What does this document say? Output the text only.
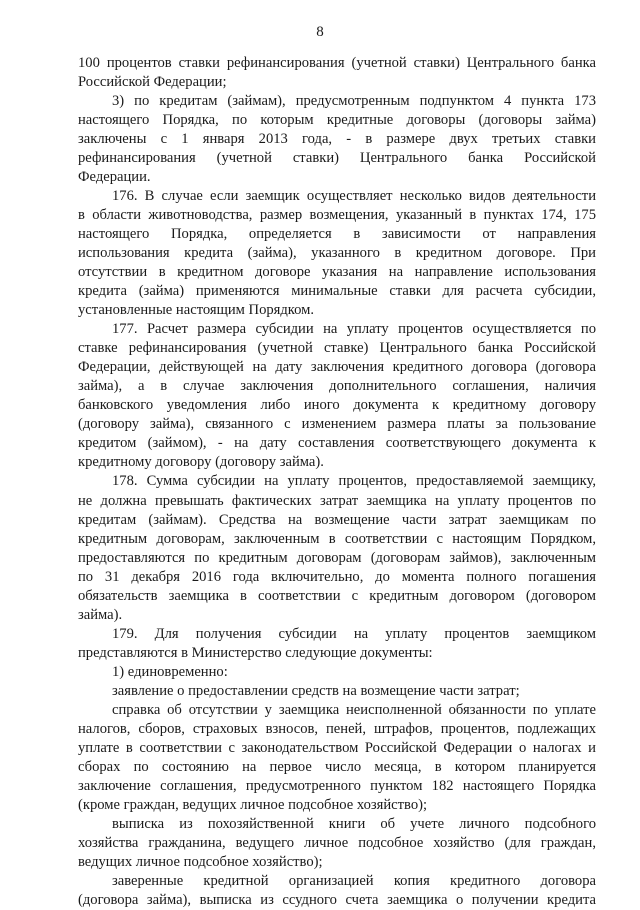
8
100 процентов ставки рефинансирования (учетной ставки) Центрального банка
Российской Федерации;
3) по кредитам (займам), предусмотренным подпунктом 4 пункта 173
настоящего Порядка, по которым кредитные договоры (договоры займа)
заключены с 1 января 2013 года, - в размере двух третьих ставки
рефинансирования (учетной ставки) Центрального банка Российской
Федерации.
176. В случае если заемщик осуществляет несколько видов деятельности
в области животноводства, размер возмещения, указанный в пунктах 174, 175
настоящего Порядка, определяется в зависимости от направления
использования кредита (займа), указанного в кредитном договоре. При
отсутствии в кредитном договоре указания на направление использования
кредита (займа) применяются минимальные ставки для расчета субсидии,
установленные настоящим Порядком.
177. Расчет размера субсидии на уплату процентов осуществляется по
ставке рефинансирования (учетной ставке) Центрального банка Российской
Федерации, действующей на дату заключения кредитного договора (договора
займа), а в случае заключения дополнительного соглашения, наличия
банковского уведомления либо иного документа к кредитному договору
(договору займа), связанного с изменением размера платы за пользование
кредитом (займом), - на дату составления соответствующего документа к
кредитному договору (договору займа).
178. Сумма субсидии на уплату процентов, предоставляемой заемщику,
не должна превышать фактических затрат заемщика на уплату процентов по
кредитам (займам). Средства на возмещение части затрат заемщикам по
кредитным договорам, заключенным в соответствии с настоящим Порядком,
предоставляются по кредитным договорам (договорам займов), заключенным
по 31 декабря 2016 года включительно, до момента полного погашения
обязательств заемщика в соответствии с кредитным договором (договором
займа).
179. Для получения субсидии на уплату процентов заемщиком
представляются в Министерство следующие документы:
1) единовременно:
заявление о предоставлении средств на возмещение части затрат;
справка об отсутствии у заемщика неисполненной обязанности по уплате
налогов, сборов, страховых взносов, пеней, штрафов, процентов, подлежащих
уплате в соответствии с законодательством Российской Федерации о налогах и
сборах по состоянию на первое число месяца, в котором планируется
заключение соглашения, предусмотренного пунктом 182 настоящего Порядка
(кроме граждан, ведущих личное подсобное хозяйство);
выписка из похозяйственной книги об учете личного подсобного
хозяйства гражданина, ведущего личное подсобное хозяйство (для граждан,
ведущих личное подсобное хозяйство);
заверенные кредитной организацией копия кредитного договора
(договора займа), выписка из ссудного счета заемщика о получении кредита
